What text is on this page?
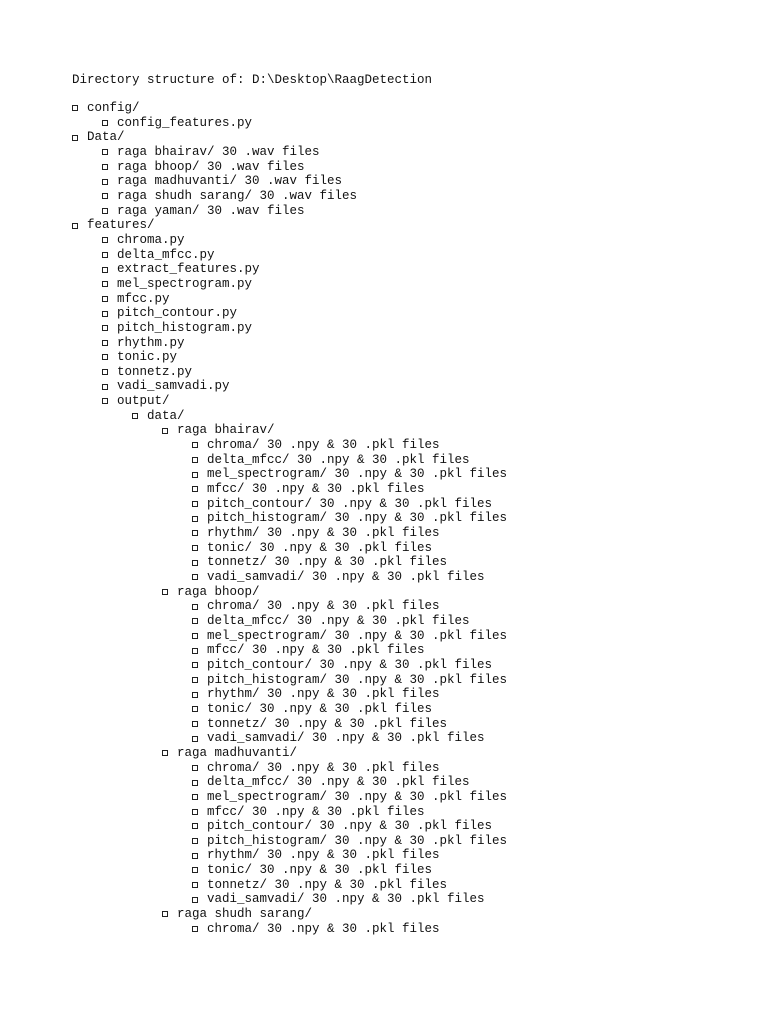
Directory structure of: D:\Desktop\RaagDetection
config/
config_features.py
Data/
raga bhairav/ 30 .wav files
raga bhoop/ 30 .wav files
raga madhuvanti/ 30 .wav files
raga shudh sarang/ 30 .wav files
raga yaman/ 30 .wav files
features/
chroma.py
delta_mfcc.py
extract_features.py
mel_spectrogram.py
mfcc.py
pitch_contour.py
pitch_histogram.py
rhythm.py
tonic.py
tonnetz.py
vadi_samvadi.py
output/
data/
raga bhairav/
chroma/ 30 .npy & 30 .pkl files
delta_mfcc/ 30 .npy & 30 .pkl files
mel_spectrogram/ 30 .npy & 30 .pkl files
mfcc/ 30 .npy & 30 .pkl files
pitch_contour/ 30 .npy & 30 .pkl files
pitch_histogram/ 30 .npy & 30 .pkl files
rhythm/ 30 .npy & 30 .pkl files
tonic/ 30 .npy & 30 .pkl files
tonnetz/ 30 .npy & 30 .pkl files
vadi_samvadi/ 30 .npy & 30 .pkl files
raga bhoop/
chroma/ 30 .npy & 30 .pkl files
delta_mfcc/ 30 .npy & 30 .pkl files
mel_spectrogram/ 30 .npy & 30 .pkl files
mfcc/ 30 .npy & 30 .pkl files
pitch_contour/ 30 .npy & 30 .pkl files
pitch_histogram/ 30 .npy & 30 .pkl files
rhythm/ 30 .npy & 30 .pkl files
tonic/ 30 .npy & 30 .pkl files
tonnetz/ 30 .npy & 30 .pkl files
vadi_samvadi/ 30 .npy & 30 .pkl files
raga madhuvanti/
chroma/ 30 .npy & 30 .pkl files
delta_mfcc/ 30 .npy & 30 .pkl files
mel_spectrogram/ 30 .npy & 30 .pkl files
mfcc/ 30 .npy & 30 .pkl files
pitch_contour/ 30 .npy & 30 .pkl files
pitch_histogram/ 30 .npy & 30 .pkl files
rhythm/ 30 .npy & 30 .pkl files
tonic/ 30 .npy & 30 .pkl files
tonnetz/ 30 .npy & 30 .pkl files
vadi_samvadi/ 30 .npy & 30 .pkl files
raga shudh sarang/
chroma/ 30 .npy & 30 .pkl files
